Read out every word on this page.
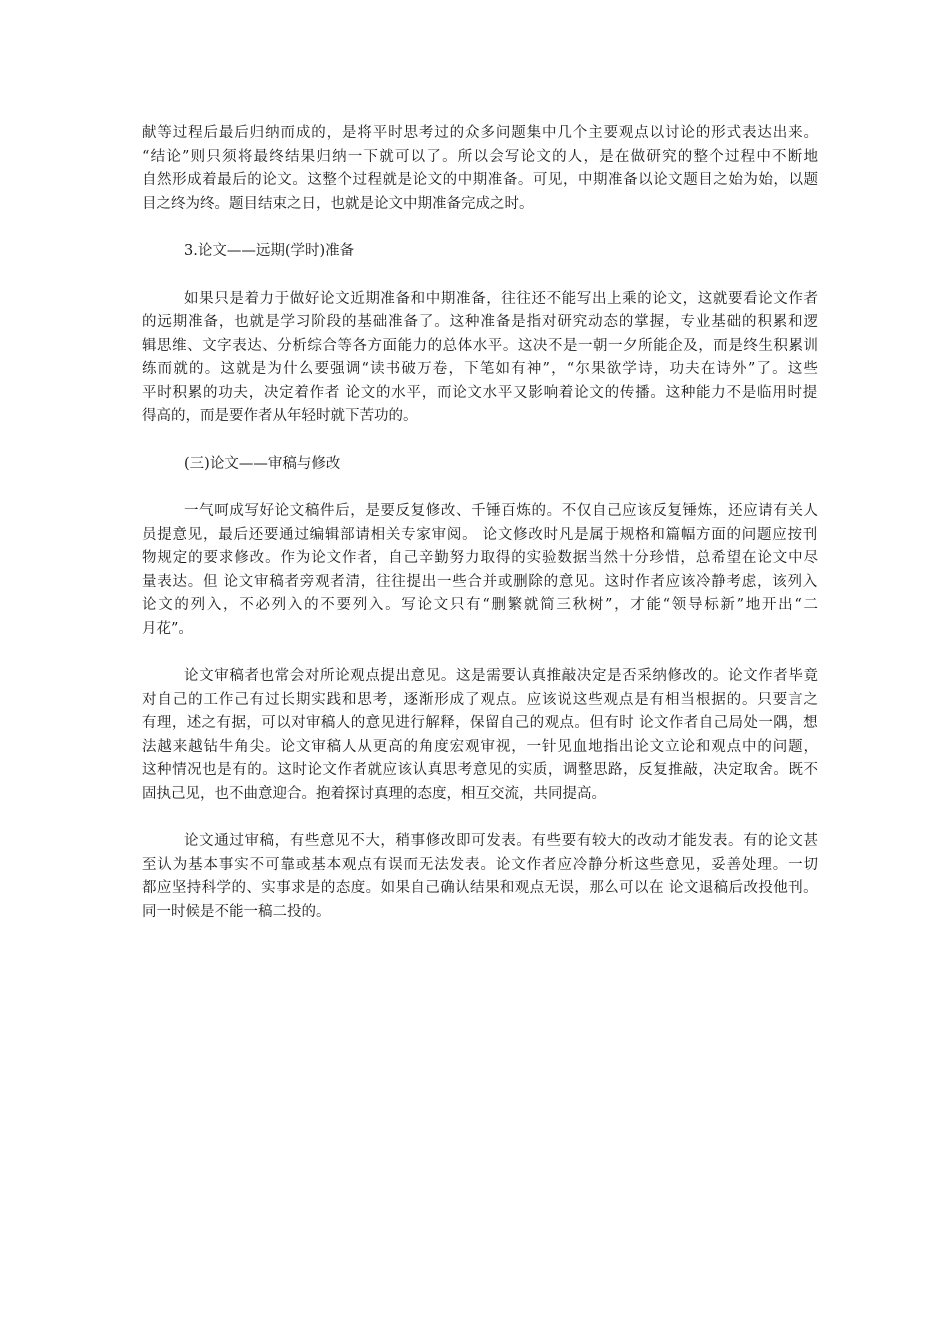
献等过程后最后归纳而成的，是将平时思考过的众多问题集中几个主要观点以讨论的形式表达出来。
“结论”则只须将最终结果归纳一下就可以了。所以会写论文的人，是在做研究的整个过程中不断地
自然形成着最后的论文。这整个过程就是论文的中期准备。可见，中期准备以论文题目之始为始，以题
目之终为终。题目结束之日，也就是论文中期准备完成之时。
3.论文——远期(学时)准备
如果只是着力于做好论文近期准备和中期准备，往往还不能写出上乘的论文，这就要看论文作者
的远期准备，也就是学习阶段的基础准备了。这种准备是指对研究动态的掌握，专业基础的积累和逻
辑思维、文字表达、分析综合等各方面能力的总体水平。这决不是一朝一夕所能企及，而是终生积累训
练而就的。这就是为什么要强调“读书破万卷，下笔如有神”，“尔果欲学诗，功夫在诗外”了。这些
平时积累的功夫，决定着作者 论文的水平，而论文水平又影响着论文的传播。这种能力不是临用时提
得高的，而是要作者从年轻时就下苦功的。
(三)论文——审稿与修改
一气呵成写好论文稿件后，是要反复修改、千锤百炼的。不仅自己应该反复锤炼，还应请有关人
员提意见，最后还要通过编辑部请相关专家审阅。 论文修改时凡是属于规格和篇幅方面的问题应按刊
物规定的要求修改。作为论文作者，自己辛勤努力取得的实验数据当然十分珍惜，总希望在论文中尽
量表达。但 论文审稿者旁观者清，往往提出一些合并或删除的意见。这时作者应该冷静考虑，该列入
论文的列入，不必列入的不要列入。写论文只有“删繁就简三秋树”，才能“领导标新”地开出“二
月花”。
论文审稿者也常会对所论观点提出意见。这是需要认真推敲决定是否采纳修改的。论文作者毕竟
对自己的工作己有过长期实践和思考，逐渐形成了观点。应该说这些观点是有相当根据的。只要言之
有理，述之有据，可以对审稿人的意见进行解释，保留自己的观点。但有时 论文作者自己局处一隅，想
法越来越钻牛角尖。论文审稿人从更高的角度宏观审视，一针见血地指出论文立论和观点中的问题，
这种情况也是有的。这时论文作者就应该认真思考意见的实质，调整思路，反复推敲，决定取舍。既不
固执己见，也不曲意迎合。抱着探讨真理的态度，相互交流，共同提高。
论文通过审稿，有些意见不大，稍事修改即可发表。有些要有较大的改动才能发表。有的论文甚
至认为基本事实不可靠或基本观点有误而无法发表。论文作者应冷静分析这些意见，妥善处理。一切
都应坚持科学的、实事求是的态度。如果自己确认结果和观点无误，那么可以在 论文退稿后改投他刊。
同一时候是不能一稿二投的。
